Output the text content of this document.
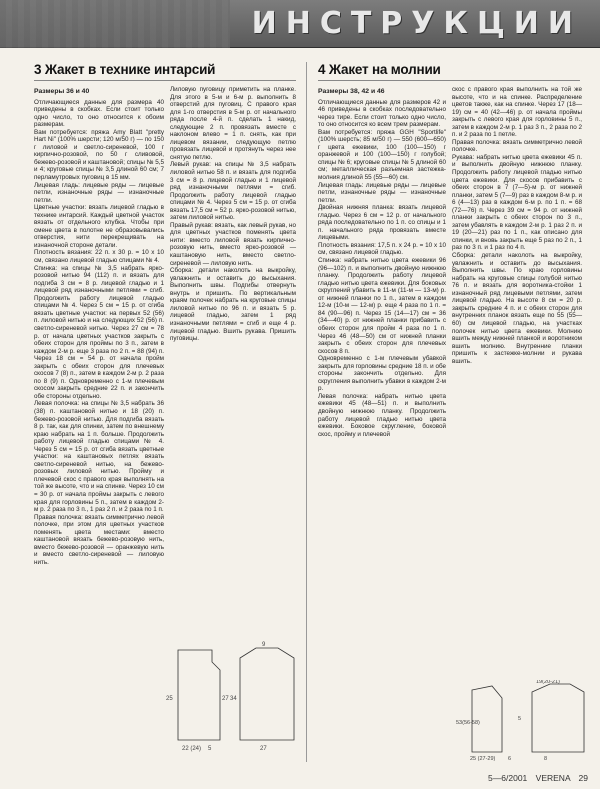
ИНСТРУКЦИИ
3 Жакет в технике интарсий
Размеры 36 и 40

Отличающиеся данные для размера 40 приведены в скобках. Если стоит только одно число, то оно относится к обоим размерам.

Вам потребуется: пряжа Amy Blatt "pretty Hart Ni" (100% шерсти; 120 м/50 г) — по 150 г лиловой и светло-сиреневой, 100 г кирпично-розовой, по 50 г сливовой, бежево-розовой и каштановой; спицы № 5,5 и 4; круговые спицы № 3,5 длиной 60 см; 7 перламутровых пуговиц в 15 мм.

Лицевая гладь: лицевые ряды — лицевые петли, изнаночные ряды — изнаночные петли.

Цветные участки: вязать лицевой гладью в технике интарсий. Каждый цветной участок вязать от отдельного клубка. Чтобы при смене цвета в полотне не образовывались отверстия, нити перекрещивать на изнаночной стороне детали.

Плотность вязания: 22 п. х 30 р. = 10 х 10 см, связано лицевой гладью спицами № 4.

Спинка: на спицы № 3,5 набрать ярко-розовой нитью 94 (112) п. и вязать для подгиба 3 см = 8 р. лицевой гладью и 1 лицевой ряд изнаночными петлями = сгиб. Продолжить работу лицевой гладью спицами № 4. Через 5 см = 15 р. от сгиба вязать цветные участки: на первых 52 (56) п. лиловой нитью и на следующих 52 (56) п. светло-сиреневой нитью. Через 27 см = 78 р. от начала цветных участков закрыть с обеих сторон для проймы по 3 п., затем в каждом 2-м р. еще 3 раза по 2 п. = 88 (94) п. Через 18 см = 54 р. от начала пройм закрыть с обеих сторон для плечевых скосов 7 (8) п., затем в каждом 2-м р. 2 раза по 8 (9) п. Одновременно с 1-м плечевым скосом закрыть средние 22 п. и закончить обе стороны отдельно.

Левая полочка: на спицы № 3,5 набрать 36 (38) п. каштановой нитью и 18 (20) п. бежево-розовой нитью. Для подгиба вязать 8 р. так, как для спинки, затем по внешнему краю набрать на 1 п. больше. Продолжить работу лицевой гладью спицами № 4. Через 5 см = 15 р. от сгиба вязать цветные участки: на каштановых петлях вязать светло-сиреневой нитью, на бежево-розовых лиловой нитью. Пройму и плечевой скос с правого края выполнять на той же высоте, что и на спинке. Через 10 см = 30 р. от начала проймы закрыть с левого края для горловины 5 п., затем в каждом 2-м р. 2 раза по 3 п., 1 раз 2 п. и 2 раза по 1 п.

Правая полочка: вязать симметрично левой полочке, при этом для цветных участков поменять цвета местами: вместо каштановой вязать бежево-розовую нить, вместо бежево-розовой — оранжевую нить и вместо светло-сиреневой — лиловую нить.

Лиловую пуговицу приметить на планке. Для этого в 5-м и 6-м р. выполнить 8 отверстий для пуговиц. С правого края для 1-го отверстия в 5-м р. от начального ряда после 4-й п. сделать 1 накид, следующие 2 п. провязать вместе с наклоном влево = 1 п. снять, как при лицевом вязании, следующую петлю провязать лицевой и протянуть через нее снятую петлю.

Левый рукав: на спицы № 3,5 набрать лиловой нитью 58 п. и вязать для подгиба 3 см = 8 р. лицевой гладью и 1 лицевой ряд изнаночными петлями = сгиб. Продолжить работу лицевой гладью спицами № 4. Через 5 см = 15 р. от сгиба вязать 17,5 см = 52 р. ярко-розовой нитью, затем лиловой нитью.

Правый рукав: вязать, как левый рукав, но для цветных участков поменять цвета нити: вместо лиловой вязать кирпично-розовую нить, вместо ярко-розовой — каштановую нить, вместо светло-сиреневой — лиловую нить.

Сборка: детали наколоть на выкройку, увлажнить и оставить до высыхания. Выполнить швы. Подгибы отвернуть внутрь и пришить. По вертикальным краям полочек набрать на круговые спицы лиловой нитью по 96 п. и вязать 5 р. лицевой гладью, затем 1 ряд изнаночными петлями = сгиб и еще 4 р. лицевой гладью. Вшить рукава. Пришить пуговицы.

25	27
22 (24) 5
9
34
27
4 Жакет на молнии
Размеры 38, 42 и 46

Отличающиеся данные для размеров 42 и 46 приведены в скобках последовательно через тире. Если стоит только одно число, то оно относится ко всем трем размерам.

Вам потребуется: пряжа GGH "Sportlife" (100% шерсть; 85 м/50 г) — 550 (600—650) г цвета ежевики, 100 (100—150) г оранжевой и 100 (100—150) г голубой; спицы № 6; круговые спицы № 5 длиной 60 см; металлическая разъемная застежка-молния длиной 55 (55—60) см.

Лицевая гладь: лицевые ряды — лицевые петли, изнаночные ряды — изнаночные петли.

Двойная нижняя планка: вязать лицевой гладью. Через 6 см = 12 р. от начального ряда последовательно по 1 п. со спицы и 1 п. начального ряда провязать вместе лицевыми.

Плотность вязания: 17,5 п. х 24 р. = 10 х 10 см, связано лицевой гладью.

Спинка: набрать нитью цвета ежевики 96 (96—102) п. и выполнить двойную нижнюю планку. Продолжить работу лицевой гладью нитью цвета ежевики. Для боковых скруглений убавить в 11-м (11-м — 13-м) р. от нижней планки по 1 п., затем в каждом 12-м (10-м — 12-м) р. еще 4 раза по 1 п. = 84 (90—96) п. Через 15 (14—17) см = 36 (34—40) р. от нижней планки прибавить с обеих сторон для пройм 4 раза по 1 п. Через 46 (48—50) см от нижней планки закрыть с обеих сторон для плечевых скосов 8 п.

Одновременно с 1-м плечевым убавкой закрыть для горловины средние 18 п. и обе стороны закончить отдельно. Для скругления выполнить убавки в каждом 2-м р.

Левая полочка: набрать нитью цвета ежевики 45 (48—51) п. и выполнить двойную нижнюю планку. Продолжить работу лицевой гладью нитью цвета ежевики. Боковое скругление, боковой скос, пройму и плечевой

скос с правого края выполнить на той же высоте, что и на спинке. Распределение цветов также, как на спинке. Через 17 (18—19) см = 40 (42—46) р. от начала проймы закрыть с левого края для горловины 5 п., затем в каждом 2-м р. 1 раз 3 п., 2 раза по 2 п. и 2 раза по 1 петле.

Правая полочка: вязать симметрично левой полочке.

Рукава: набрать нитью цвета ежевики 45 п. и выполнить двойную нижнюю планку. Продолжить работу лицевой гладью нитью цвета ежевики. Для скосов прибавить с обеих сторон в 7 (7—5)-м р. от нижней планки, затем 5 (7—9) раз в каждом 8-м р. и 6 (4—13) раз в каждом 6-м р. по 1 п. = 68 (72—76) п. Через 39 см = 94 р. от нижней планки закрыть с обеих сторон по 3 п., затем убавлять в каждом 2-м р. 1 раз 2 п. и 19 (20—21) раз по 1 п., как описано для спинки, и вновь закрыть еще 5 раз по 2 п., 1 раз по 3 п. и 1 раз по 4 п.

Сборка: детали наколоть на выкройку, увлажнить и оставить до высыхания. Выполнить швы. По краю горловины набрать на круговые спицы голубой нитью 76 п. и вязать для воротника-стойки 1 изнаночный ряд лицевыми петлями, затем лицевой гладью. На высоте 8 см = 20 р. закрыть средние 4 п. и с обеих сторон для внутренних планок вязать еще по 55 (55—60) см лицевой гладью, на участках полочек нитью цвета ежевики. Молнию вшить между нижней планкой и воротником вшить молнию. Внутренние планки пришить к застежке-молнии и рукава вшить.

19(20-21)
5
53(56-58)
25 (27-29)	8
6
5—6/2001 VERENA 29
